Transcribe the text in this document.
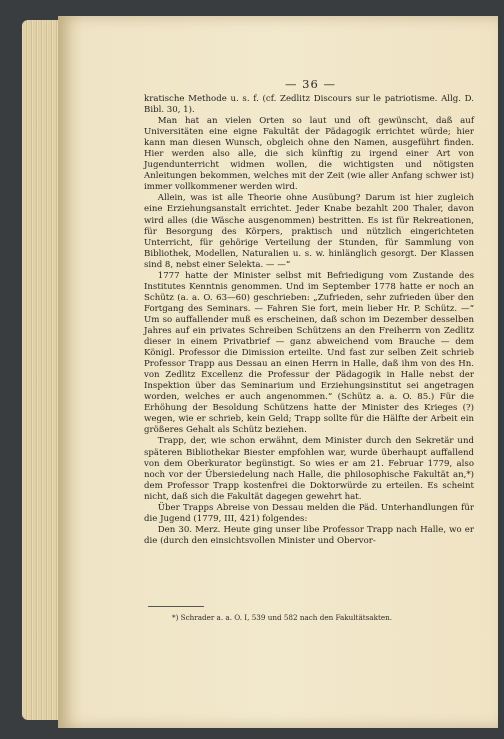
— 36 —

kratische Methode u. s. f. (cf. Zedlitz Discours sur le patriotisme. Allg. D. Bibl. 30, 1).

Man hat an vielen Orten so laut und oft gewünscht, daß auf Universitäten eine eigne Fakultät der Pädagogik errichtet würde; hier kann man diesen Wunsch, obgleich ohne den Namen, ausgeführt finden. Hier werden also alle, die sich künftig zu irgend einer Art von Jugendunterricht widmen wollen, die wichtigsten und nötigsten Anleitungen bekommen, welches mit der Zeit (wie aller Anfang schwer ist) immer vollkommener werden wird.

Allein, was ist alle Theorie ohne Ausübung? Darum ist hier zugleich eine Erziehungsanstalt errichtet. Jeder Knabe bezahlt 200 Thaler, davon wird alles (die Wäsche ausgenommen) bestritten. Es ist für Rekreationen, für Besorgung des Körpers, praktisch und nützlich eingerichteten Unterricht, für gehörige Verteilung der Stunden, für Sammlung von Bibliothek, Modellen, Naturalien u. s. w. hinlänglich gesorgt. Der Klassen sind 8, nebst einer Selekta. — —“

1777 hatte der Minister selbst mit Befriedigung vom Zustande des Institutes Kenntnis genommen. Und im September 1778 hatte er noch an Schütz (a. a. O. 63—60) geschrieben: „Zufrieden, sehr zufrieden über den Fortgang des Seminars. — Fahren Sie fort, mein lieber Hr. P. Schütz. —“ Um so auffallender muß es erscheinen, daß schon im Dezember desselben Jahres auf ein privates Schreiben Schützens an den Freiherrn von Zedlitz dieser in einem Privatbrief — ganz abweichend vom Brauche — dem Königl. Professor die Dimission erteilte. Und fast zur selben Zeit schrieb Professor Trapp aus Dessau an einen Herrn in Halle, daß ihm von des Hn. von Zedlitz Excellenz die Professur der Pädagogik in Halle nebst der Inspektion über das Seminarium und Erziehungsinstitut sei angetragen worden, welches er auch angenommen.“ (Schütz a. a. O. 85.) Für die Erhöhung der Besoldung Schützens hatte der Minister des Krieges (?) wegen, wie er schrieb, kein Geld; Trapp sollte für die Hälfte der Arbeit ein größeres Gehalt als Schütz beziehen.

Trapp, der, wie schon erwähnt, dem Minister durch den Sekretär und späteren Bibliothekar Biester empfohlen war, wurde überhaupt auffallend von dem Oberkurator begünstigt. So wies er am 21. Februar 1779, also noch vor der Übersiedelung nach Halle, die philosophische Fakultät an,*) dem Professor Trapp kostenfrei die Doktorwürde zu erteilen. Es scheint nicht, daß sich die Fakultät dagegen gewehrt hat.

Über Trapps Abreise von Dessau melden die Päd. Unterhandlungen für die Jugend (1779, III, 421) folgendes:

Den 30. Merz. Heute ging unser libe Professor Trapp nach Halle, wo er die (durch den einsichtsvollen Minister und Obervor-

*) Schrader a. a. O. I, 539 und 582 nach den Fakultätsakten.
